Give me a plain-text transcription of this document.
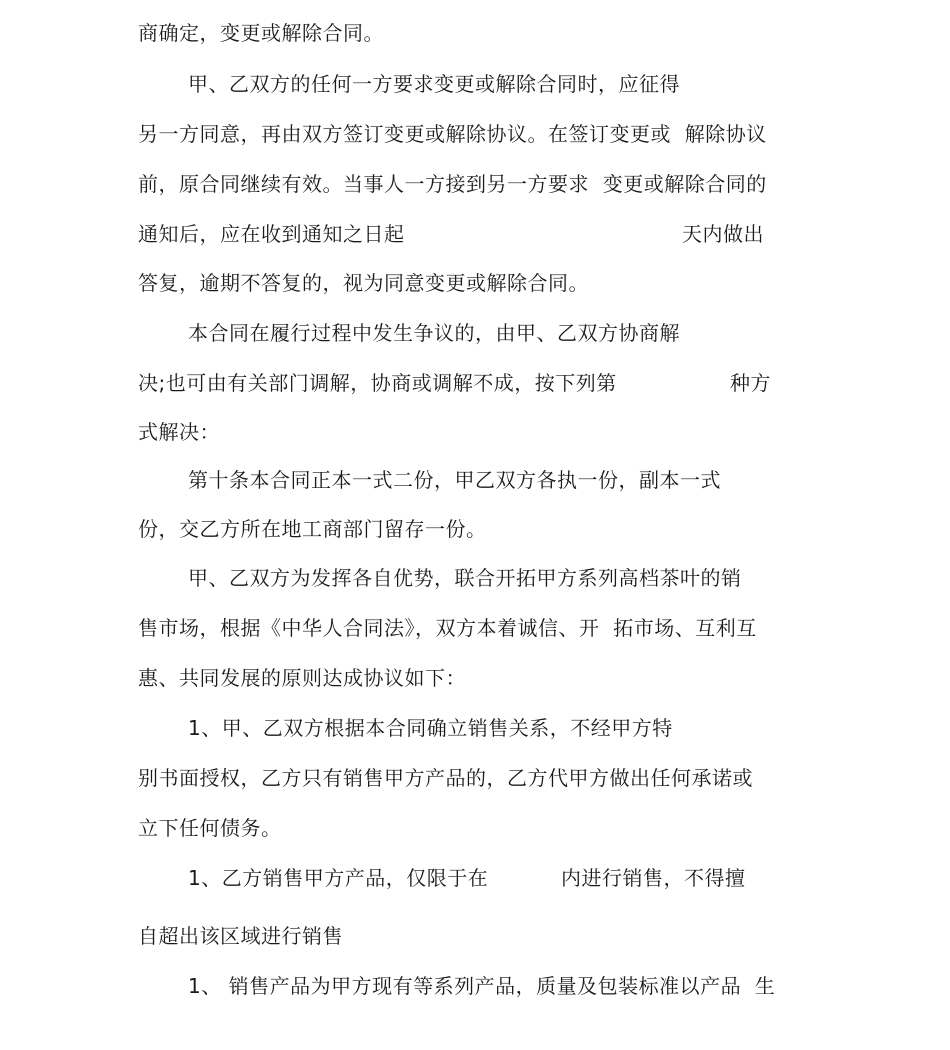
商确定，变更或解除合同。
甲、乙双方的任何一方要求变更或解除合同时，应征得
另一方同意，再由双方签订变更或解除协议。在签订变更或  解除协议
前，原合同继续有效。当事人一方接到另一方要求  变更或解除合同的
通知后，应在收到通知之日起	天内做出
答复，逾期不答复的，视为同意变更或解除合同。
本合同在履行过程中发生争议的，由甲、乙双方协商解
决;也可由有关部门调解，协商或调解不成，按下列第	种方
式解决：
第十条本合同正本一式二份，甲乙双方各执一份，副本一式
份，交乙方所在地工商部门留存一份。
甲、乙双方为发挥各自优势，联合开拓甲方系列高档茶叶的销
售市场，根据《中华人合同法》，双方本着诚信、开  拓市场、互利互
惠、共同发展的原则达成协议如下：
1、甲、乙双方根据本合同确立销售关系，不经甲方特
别书面授权，乙方只有销售甲方产品的，乙方代甲方做出任何承诺或
立下任何债务。
1、乙方销售甲方产品，仅限于在	内进行销售，不得擅
自超出该区域进行销售
1、 销售产品为甲方现有等系列产品，质量及包装标准以产品  生
